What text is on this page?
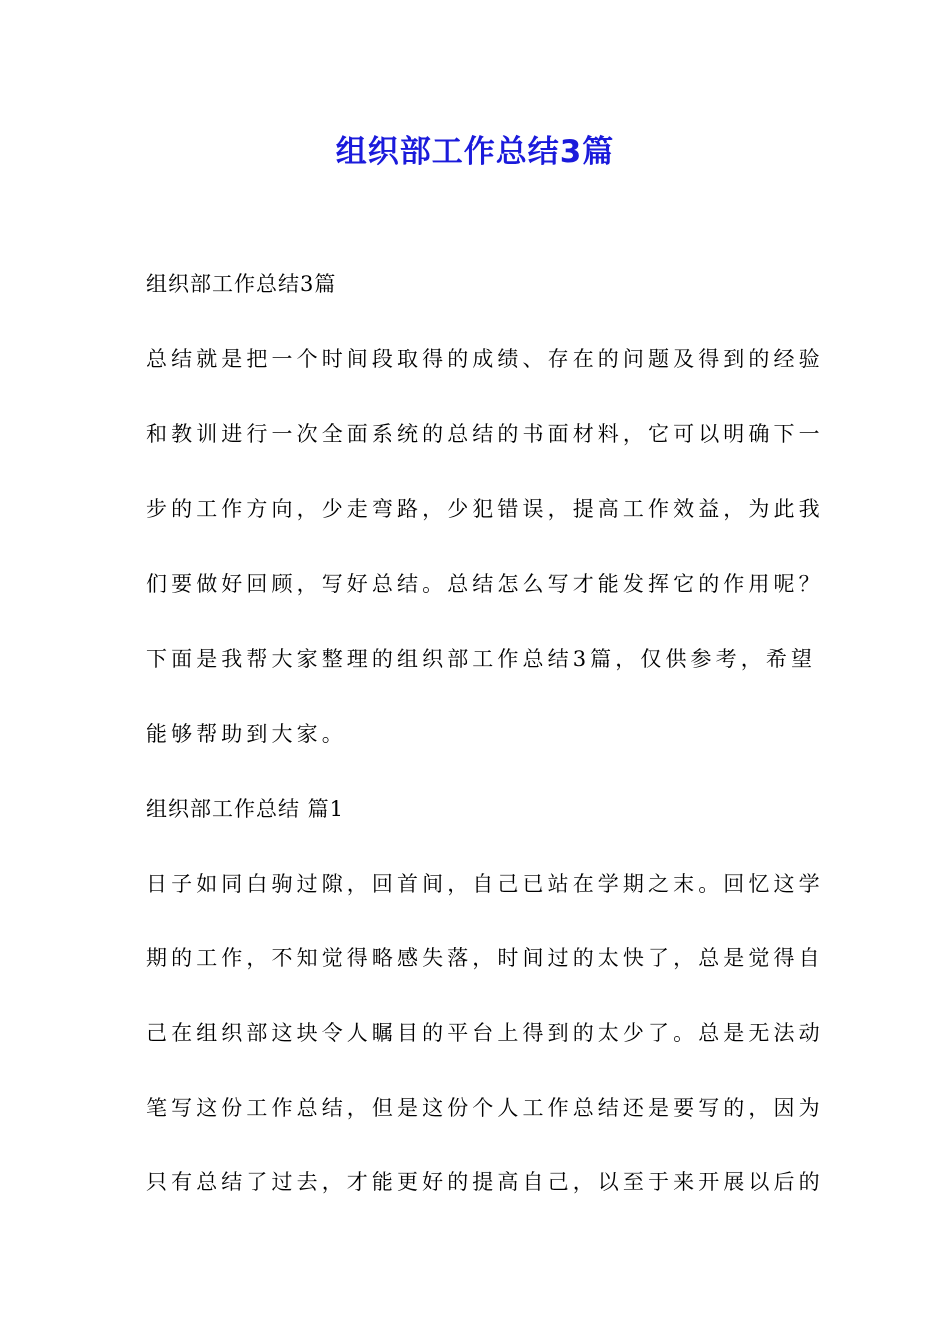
组织部工作总结3篇
组织部工作总结3篇
总结就是把一个时间段取得的成绩、存在的问题及得到的经验
和教训进行一次全面系统的总结的书面材料，它可以明确下一
步的工作方向，少走弯路，少犯错误，提高工作效益，为此我
们要做好回顾，写好总结。总结怎么写才能发挥它的作用呢？
下面是我帮大家整理的组织部工作总结3篇，仅供参考，希望
能够帮助到大家。
组织部工作总结 篇1
日子如同白驹过隙，回首间，自己已站在学期之末。回忆这学
期的工作，不知觉得略感失落，时间过的太快了，总是觉得自
己在组织部这块令人瞩目的平台上得到的太少了。总是无法动
笔写这份工作总结，但是这份个人工作总结还是要写的，因为
只有总结了过去，才能更好的提高自己，以至于来开展以后的
